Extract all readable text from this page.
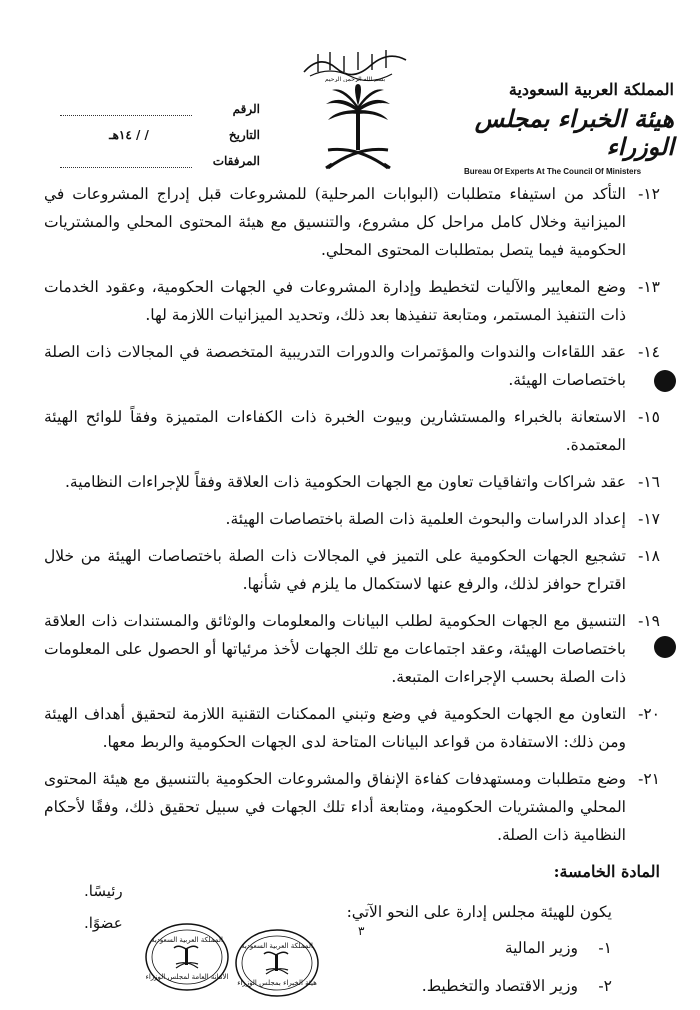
بسم الله الرحمن الرحيم
المملكة العربية السعودية
هيئة الخبراء بمجلس الوزراء
Bureau Of Experts At The Council Of Ministers
الرقم
التاريخ
/ / ١٤هـ
المرفقات
١٢-
التأكد من استيفاء متطلبات (البوابات المرحلية) للمشروعات قبل إدراج المشروعات في الميزانية وخلال كامل مراحل كل مشروع، والتنسيق مع هيئة المحتوى المحلي والمشتريات الحكومية فيما يتصل بمتطلبات المحتوى المحلي.
١٣-
وضع المعايير والآليات لتخطيط وإدارة المشروعات في الجهات الحكومية، وعقود الخدمات ذات التنفيذ المستمر، ومتابعة تنفيذها بعد ذلك، وتحديد الميزانيات اللازمة لها.
١٤-
عقد اللقاءات والندوات والمؤتمرات والدورات التدريبية المتخصصة في المجالات ذات الصلة باختصاصات الهيئة.
١٥-
الاستعانة بالخبراء والمستشارين وبيوت الخبرة ذات الكفاءات المتميزة وفقاً للوائح الهيئة المعتمدة.
١٦-
عقد شراكات واتفاقيات تعاون مع الجهات الحكومية ذات العلاقة وفقاً للإجراءات النظامية.
١٧-
إعداد الدراسات والبحوث العلمية ذات الصلة باختصاصات الهيئة.
١٨-
تشجيع الجهات الحكومية على التميز في المجالات ذات الصلة باختصاصات الهيئة من خلال اقتراح حوافز لذلك، والرفع عنها لاستكمال ما يلزم في شأنها.
١٩-
التنسيق مع الجهات الحكومية لطلب البيانات والمعلومات والوثائق والمستندات ذات العلاقة باختصاصات الهيئة، وعقد اجتماعات مع تلك الجهات لأخذ مرئياتها أو الحصول على المعلومات ذات الصلة بحسب الإجراءات المتبعة.
٢٠-
التعاون مع الجهات الحكومية في وضع وتبني الممكنات التقنية اللازمة لتحقيق أهداف الهيئة ومن ذلك: الاستفادة من قواعد البيانات المتاحة لدى الجهات الحكومية والربط معها.
٢١-
وضع متطلبات ومستهدفات كفاءة الإنفاق والمشروعات الحكومية بالتنسيق مع هيئة المحتوى المحلي والمشتريات الحكومية، ومتابعة أداء تلك الجهات في سبيل تحقيق ذلك، وفقًا لأحكام النظامية ذات الصلة.
المادة الخامسة:
يكون للهيئة مجلس إدارة على النحو الآتي:
١-
وزير المالية
٢-
وزير الاقتصاد والتخطيط.
رئيسًا.
عضوًا.	٣
المملكة العربية السعودية
الأمانة العامة لمجلس الوزراء
المملكة العربية السعودية
هيئة الخبراء بمجلس الوزراء
